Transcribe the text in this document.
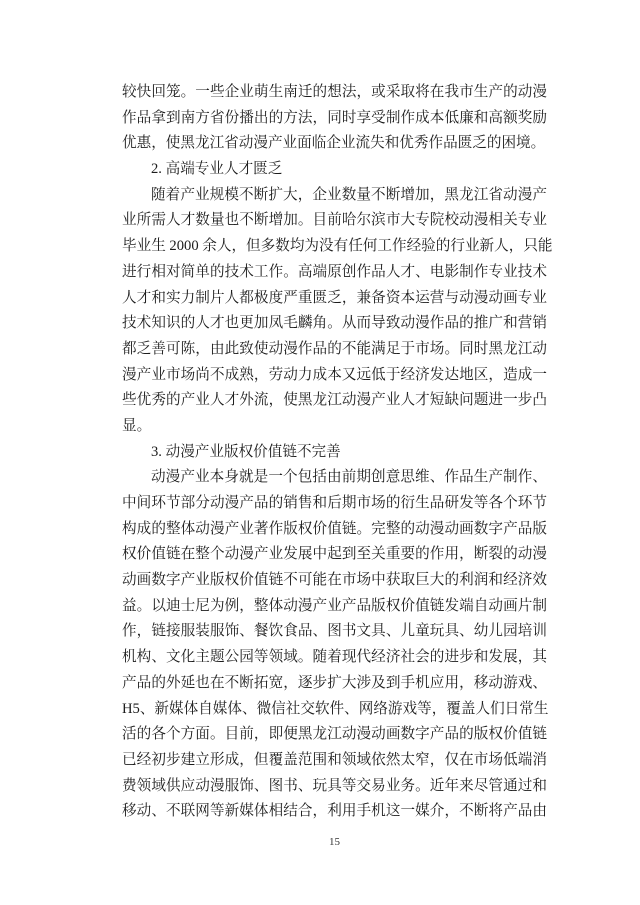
较快回笼。一些企业萌生南迁的想法，或采取将在我市生产的动漫
作品拿到南方省份播出的方法，同时享受制作成本低廉和高额奖励
优惠，使黑龙江省动漫产业面临企业流失和优秀作品匮乏的困境。
2. 高端专业人才匮乏
随着产业规模不断扩大，企业数量不断增加，黑龙江省动漫产
业所需人才数量也不断增加。目前哈尔滨市大专院校动漫相关专业
毕业生 2000 余人，但多数均为没有任何工作经验的行业新人，只能
进行相对简单的技术工作。高端原创作品人才、电影制作专业技术
人才和实力制片人都极度严重匮乏，兼备资本运营与动漫动画专业
技术知识的人才也更加凤毛麟角。从而导致动漫作品的推广和营销
都乏善可陈，由此致使动漫作品的不能满足于市场。同时黑龙江动
漫产业市场尚不成熟，劳动力成本又远低于经济发达地区，造成一
些优秀的产业人才外流，使黑龙江动漫产业人才短缺问题进一步凸
显。
3. 动漫产业版权价值链不完善
动漫产业本身就是一个包括由前期创意思维、作品生产制作、
中间环节部分动漫产品的销售和后期市场的衍生品研发等各个环节
构成的整体动漫产业著作版权价值链。完整的动漫动画数字产品版
权价值链在整个动漫产业发展中起到至关重要的作用，断裂的动漫
动画数字产业版权价值链不可能在市场中获取巨大的利润和经济效
益。以迪士尼为例，整体动漫产业产品版权价值链发端自动画片制
作，链接服装服饰、餐饮食品、图书文具、儿童玩具、幼儿园培训
机构、文化主题公园等领域。随着现代经济社会的进步和发展，其
产品的外延也在不断拓宽，逐步扩大涉及到手机应用，移动游戏、
H5、新媒体自媒体、微信社交软件、网络游戏等，覆盖人们日常生
活的各个方面。目前，即便黑龙江动漫动画数字产品的版权价值链
已经初步建立形成，但覆盖范围和领域依然太窄，仅在市场低端消
费领域供应动漫服饰、图书、玩具等交易业务。近年来尽管通过和
移动、不联网等新媒体相结合，利用手机这一媒介，不断将产品由
15
